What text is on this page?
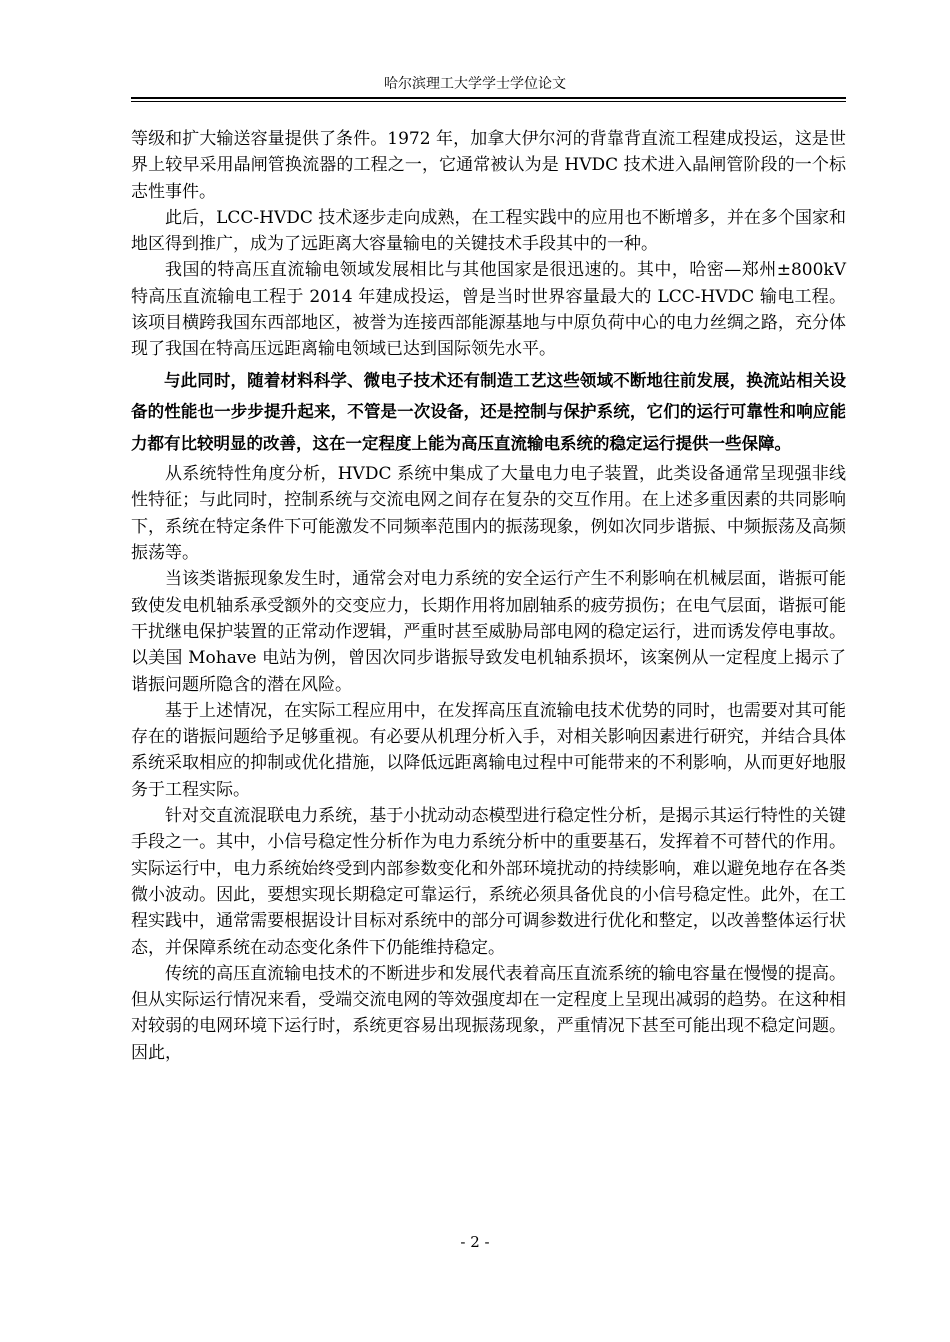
哈尔滨理工大学学士学位论文

等级和扩大输送容量提供了条件。1972 年，加拿大伊尔河的背靠背直流工程建成投运，这是世界上较早采用晶闸管换流器的工程之一，它通常被认为是 HVDC 技术进入晶闸管阶段的一个标志性事件。

此后，LCC-HVDC 技术逐步走向成熟，在工程实践中的应用也不断增多，并在多个国家和地区得到推广，成为了远距离大容量输电的关键技术手段其中的一种。

我国的特高压直流输电领域发展相比与其他国家是很迅速的。其中，哈密—郑州±800kV 特高压直流输电工程于 2014 年建成投运，曾是当时世界容量最大的 LCC-HVDC 输电工程。该项目横跨我国东西部地区，被誉为连接西部能源基地与中原负荷中心的电力丝绸之路，充分体现了我国在特高压远距离输电领域已达到国际领先水平。

与此同时，随着材料科学、微电子技术还有制造工艺这些领域不断地往前发展，换流站相关设备的性能也一步步提升起来，不管是一次设备，还是控制与保护系统，它们的运行可靠性和响应能力都有比较明显的改善，这在一定程度上能为高压直流输电系统的稳定运行提供一些保障。

从系统特性角度分析，HVDC 系统中集成了大量电力电子装置，此类设备通常呈现强非线性特征；与此同时，控制系统与交流电网之间存在复杂的交互作用。在上述多重因素的共同影响下，系统在特定条件下可能激发不同频率范围内的振荡现象，例如次同步谐振、中频振荡及高频振荡等。

当该类谐振现象发生时，通常会对电力系统的安全运行产生不利影响在机械层面，谐振可能致使发电机轴系承受额外的交变应力，长期作用将加剧轴系的疲劳损伤；在电气层面，谐振可能干扰继电保护装置的正常动作逻辑，严重时甚至威胁局部电网的稳定运行，进而诱发停电事故。以美国 Mohave 电站为例，曾因次同步谐振导致发电机轴系损坏，该案例从一定程度上揭示了谐振问题所隐含的潜在风险。

基于上述情况，在实际工程应用中，在发挥高压直流输电技术优势的同时，也需要对其可能存在的谐振问题给予足够重视。有必要从机理分析入手，对相关影响因素进行研究，并结合具体系统采取相应的抑制或优化措施，以降低远距离输电过程中可能带来的不利影响，从而更好地服务于工程实际。

针对交直流混联电力系统，基于小扰动动态模型进行稳定性分析，是揭示其运行特性的关键手段之一。其中，小信号稳定性分析作为电力系统分析中的重要基石，发挥着不可替代的作用。实际运行中，电力系统始终受到内部参数变化和外部环境扰动的持续影响，难以避免地存在各类微小波动。因此，要想实现长期稳定可靠运行，系统必须具备优良的小信号稳定性。此外，在工程实践中，通常需要根据设计目标对系统中的部分可调参数进行优化和整定，以改善整体运行状态，并保障系统在动态变化条件下仍能维持稳定。

传统的高压直流输电技术的不断进步和发展代表着高压直流系统的输电容量在慢慢的提高。但从实际运行情况来看，受端交流电网的等效强度却在一定程度上呈现出减弱的趋势。在这种相对较弱的电网环境下运行时，系统更容易出现振荡现象，严重情况下甚至可能出现不稳定问题。因此，

- 2 -
